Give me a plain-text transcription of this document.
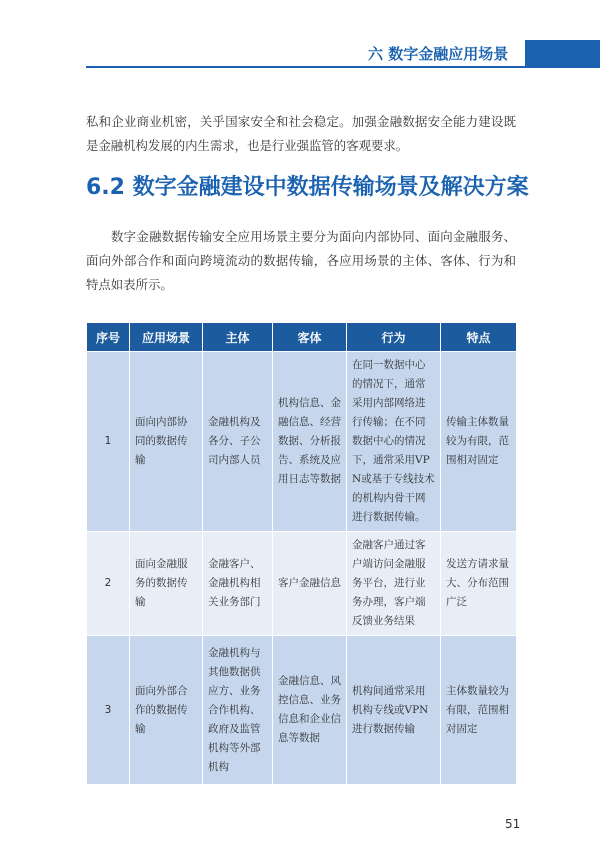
六 数字金融应用场景

私和企业商业机密，关乎国家安全和社会稳定。加强金融数据安全能力建设既是金融机构发展的内生需求，也是行业强监管的客观要求。

6.2 数字金融建设中数据传输场景及解决方案

数字金融数据传输安全应用场景主要分为面向内部协同、面向金融服务、面向外部合作和面向跨境流动的数据传输，各应用场景的主体、客体、行为和特点如表所示。

序号	应用场景	主体	客体	行为	特点
1	面向内部协同的数据传输	金融机构及各分、子公司内部人员	机构信息、金融信息、经营数据、分析报告、系统及应用日志等数据	在同一数据中心的情况下，通常采用内部网络进行传输；在不同数据中心的情况下，通常采用VPN或基于专线技术的机构内骨干网进行数据传输。	传输主体数量较为有限，范围相对固定
2	面向金融服务的数据传输	金融客户、金融机构相关业务部门	客户金融信息	金融客户通过客户端访问金融服务平台，进行业务办理，客户端反馈业务结果	发送方请求量大、分布范围广泛
3	面向外部合作的数据传输	金融机构与其他数据供应方、业务合作机构、政府及监管机构等外部机构	金融信息、风控信息、业务信息和企业信息等数据	机构间通常采用机构专线或VPN进行数据传输	主体数量较为有限，范围相对固定
51
